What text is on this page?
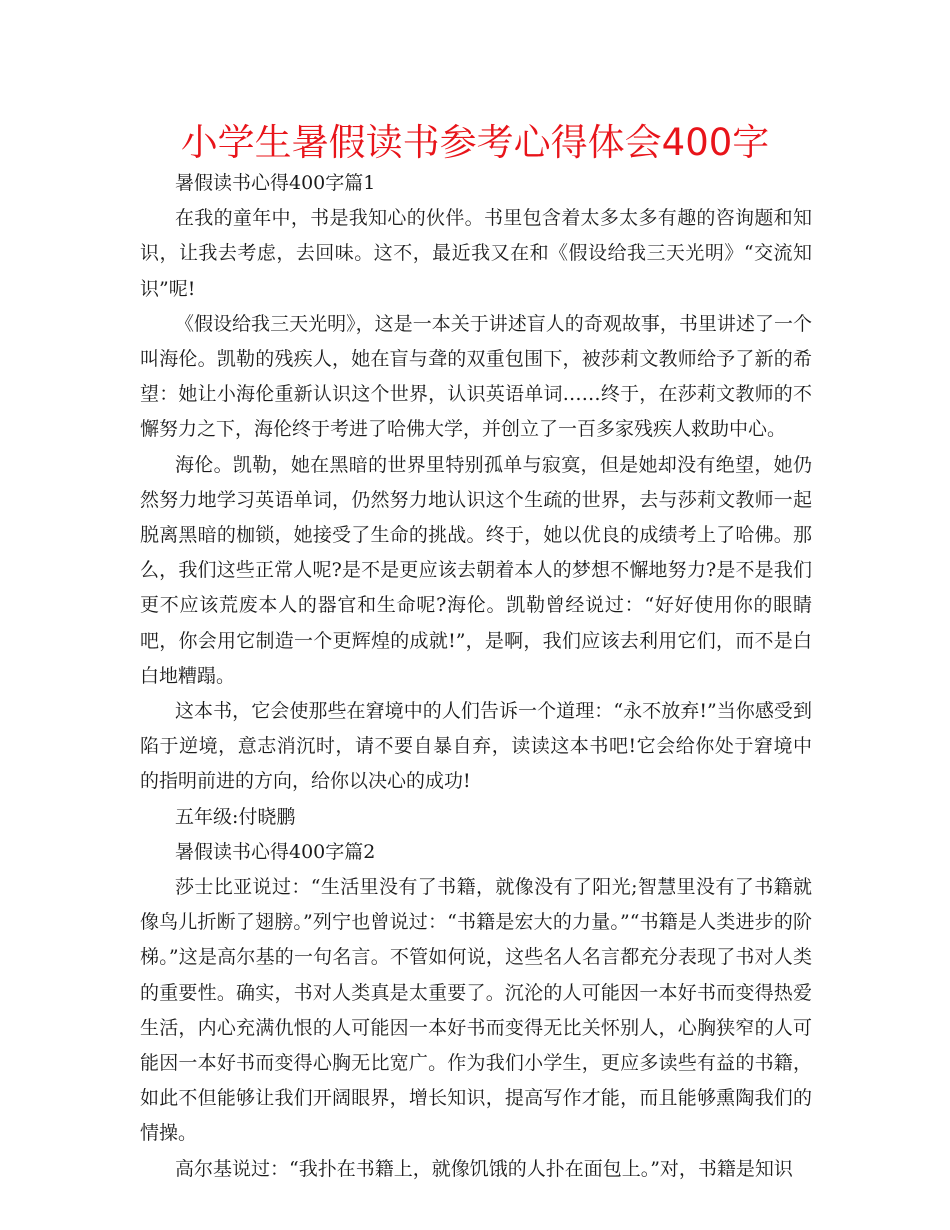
小学生暑假读书参考心得体会400字

暑假读书心得400字篇1

在我的童年中，书是我知心的伙伴。书里包含着太多太多有趣的咨询题和知识，让我去考虑，去回味。这不，最近我又在和《假设给我三天光明》“交流知识”呢!

《假设给我三天光明》，这是一本关于讲述盲人的奇观故事，书里讲述了一个叫海伦。凯勒的残疾人，她在盲与聋的双重包围下，被莎莉文教师给予了新的希望：她让小海伦重新认识这个世界，认识英语单词……终于，在莎莉文教师的不懈努力之下，海伦终于考进了哈佛大学，并创立了一百多家残疾人救助中心。

海伦。凯勒，她在黑暗的世界里特别孤单与寂寞，但是她却没有绝望，她仍然努力地学习英语单词，仍然努力地认识这个生疏的世界，去与莎莉文教师一起脱离黑暗的枷锁，她接受了生命的挑战。终于，她以优良的成绩考上了哈佛。那么，我们这些正常人呢?是不是更应该去朝着本人的梦想不懈地努力?是不是我们更不应该荒废本人的器官和生命呢?海伦。凯勒曾经说过：“好好使用你的眼睛吧，你会用它制造一个更辉煌的成就!”，是啊，我们应该去利用它们，而不是白白地糟蹋。

这本书，它会使那些在窘境中的人们告诉一个道理：“永不放弃!”当你感受到陷于逆境，意志消沉时，请不要自暴自弃，读读这本书吧!它会给你处于窘境中的指明前进的方向，给你以决心的成功!

五年级:付晓鹏

暑假读书心得400字篇2

莎士比亚说过：“生活里没有了书籍，就像没有了阳光;智慧里没有了书籍就像鸟儿折断了翅膀。”列宁也曾说过：“书籍是宏大的力量。”“书籍是人类进步的阶梯。”这是高尔基的一句名言。不管如何说，这些名人名言都充分表现了书对人类的重要性。确实，书对人类真是太重要了。沉沦的人可能因一本好书而变得热爱生活，内心充满仇恨的人可能因一本好书而变得无比关怀别人，心胸狭窄的人可能因一本好书而变得心胸无比宽广。作为我们小学生，更应多读些有益的书籍，如此不但能够让我们开阔眼界，增长知识，提高写作才能，而且能够熏陶我们的情操。

高尔基说过：“我扑在书籍上，就像饥饿的人扑在面包上。”对，书籍是知识
